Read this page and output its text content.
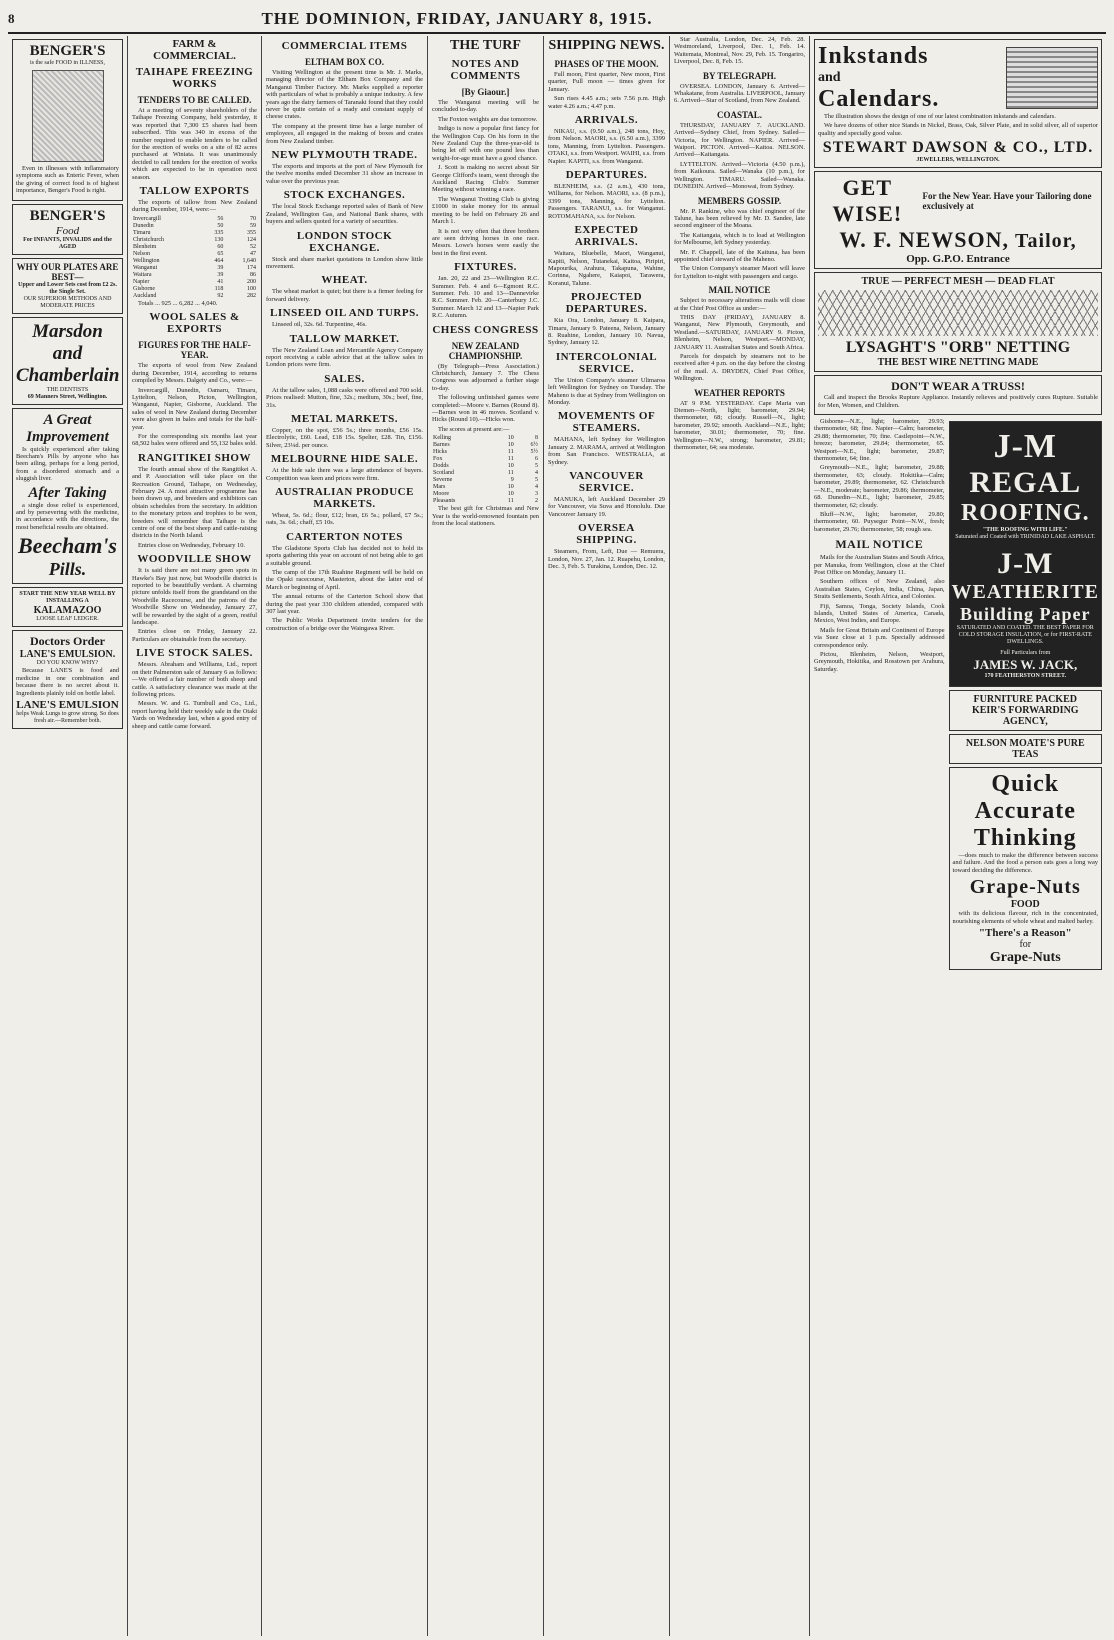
8	THE DOMINION, FRIDAY, JANUARY 8, 1915.
BENGER'S
is the safe FOOD in ILLNESS,

Even in illnesses with inflammatory symptoms such as Enteric Fever, when the giving of correct food is of highest importance, Benger's Food is right.

BENGER'S
Food
For INFANTS, INVALIDS and the AGED
WHY OUR PLATES ARE BEST—
Upper and Lower Sets cost from £2 2s. the Single Set.
OUR SUPERIOR METHODS AND MODERATE PRICES
Marsdon and
Chamberlain
THE DENTISTS
69 Manners Street, Wellington.
A Great
Improvement

Is quickly experienced after taking Beecham's Pills by anyone who has been ailing, perhaps for a long period, from a disordered stomach and a sluggish liver.

After Taking

a single dose relief is experienced, and by persevering with the medicine, in accordance with the directions, the most beneficial results are obtained.

Beecham's
Pills.
START THE NEW YEAR WELL BY INSTALLING A
KALAMAZOO
LOOSE LEAF LEDGER.
Doctors Order
LANE'S EMULSION.
DO YOU KNOW WHY?

Because LANE'S is food and medicine in one combination and because there is no secret about it. Ingredients plainly told on bottle label.

LANE'S EMULSION
helps Weak Lungs to grow strong. So does fresh air.—Remember both.
FARM & COMMERCIAL.
TAIHAPE FREEZING WORKS
TENDERS TO BE CALLED.

At a meeting of seventy shareholders of the Taihape Freezing Company, held yesterday, it was reported that 7,300 £5 shares had been subscribed. This was 340 in excess of the number required to enable tenders to be called for the erection of works on a site of 82 acres purchased at Winiata. It was unanimously decided to call tenders for the erection of works which are expected to be in operation next season.

TALLOW EXPORTS

The exports of tallow from New Zealand during December, 1914, were:—

Invercargill	56	70
Dunedin	50	59
Timaru	335	355
Christchurch	130	124
Blenheim	60	52
Nelson	65	47
Wellington	464	1,640
Wanganui	39	174
Waitara	39	86
Napier	41	200
Gisborne	118	100
Auckland	92	282

Totals ... 925 ... 6,282 ... 4,040.

WOOL SALES & EXPORTS
FIGURES FOR THE HALF-YEAR.

The exports of wool from New Zealand during December, 1914, according to returns compiled by Messrs. Dalgety and Co., were:—

Invercargill, Dunedin, Oamaru, Timaru, Lyttelton, Nelson, Picton, Wellington, Wanganui, Napier, Gisborne, Auckland. The sales of wool in New Zealand during December were also given in bales and totals for the half-year.

For the corresponding six months last year 68,502 bales were offered and 55,132 bales sold.

RANGITIKEI SHOW

The fourth annual show of the Rangitikei A. and P. Association will take place on the Recreation Ground, Taihape, on Wednesday, February 24. A most attractive programme has been drawn up, and breeders and exhibitors can obtain schedules from the secretary. In addition to the monetary prizes and trophies to be won, breeders will remember that Taihape is the centre of one of the best sheep and cattle-raising districts in the North Island.

Entries close on Wednesday, February 10.

WOODVILLE SHOW

It is said there are not many green spots in Hawke's Bay just now, but Woodville district is reported to be beautifully verdant. A charming picture unfolds itself from the grandstand on the Woodville Racecourse, and the patrons of the Woodville Show on Wednesday, January 27, will be rewarded by the sight of a green, restful landscape.

Entries close on Friday, January 22. Particulars are obtainable from the secretary.

LIVE STOCK SALES.

Messrs. Abraham and Williams, Ltd., report on their Palmerston sale of January 6 as follows:—We offered a fair number of both sheep and cattle. A satisfactory clearance was made at the following prices.

Messrs. W. and G. Turnbull and Co., Ltd., report having held their weekly sale in the Otaki Yards on Wednesday last, when a good entry of sheep and cattle came forward.

COMMERCIAL ITEMS
ELTHAM BOX CO.

Visiting Wellington at the present time is Mr. J. Marks, managing director of the Eltham Box Company and the Manganui Timber Factory. Mr. Marks supplied a reporter with particulars of what is probably a unique industry. A few years ago the dairy farmers of Taranaki found that they could never be quite certain of a ready and constant supply of cheese crates.

The company at the present time has a large number of employees, all engaged in the making of boxes and crates from New Zealand timber.

NEW PLYMOUTH TRADE.

The exports and imports at the port of New Plymouth for the twelve months ended December 31 show an increase in value over the previous year.

STOCK EXCHANGES.

The local Stock Exchange reported sales of Bank of New Zealand, Wellington Gas, and National Bank shares, with buyers and sellers quoted for a variety of securities.

LONDON STOCK EXCHANGE.

Stock and share market quotations in London show little movement.

WHEAT.

The wheat market is quiet; but there is a firmer feeling for forward delivery.

LINSEED OIL AND TURPS.

Linseed oil, 32s. 6d. Turpentine, 46s.

TALLOW MARKET.

The New Zealand Loan and Mercantile Agency Company report receiving a cable advice that at the tallow sales in London prices were firm.

SALES.

At the tallow sales, 1,088 casks were offered and 700 sold. Prices realised: Mutton, fine, 32s.; medium, 30s.; beef, fine, 31s.

METAL MARKETS.

Copper, on the spot, £56 5s.; three months, £56 15s. Electrolytic, £60. Lead, £18 15s. Spelter, £28. Tin, £156. Silver, 23¼d. per ounce.

MELBOURNE HIDE SALE.

At the hide sale there was a large attendance of buyers. Competition was keen and prices were firm.

AUSTRALIAN PRODUCE MARKETS.

Wheat, 5s. 6d.; flour, £12; bran, £6 5s.; pollard, £7 5s.; oats, 3s. 6d.; chaff, £5 10s.

CARTERTON NOTES

The Gladstone Sports Club has decided not to hold its sports gathering this year on account of not being able to get a suitable ground.

The camp of the 17th Ruahine Regiment will be held on the Opaki racecourse, Masterton, about the latter end of March or beginning of April.

The annual returns of the Carterton School show that during the past year 330 children attended, compared with 307 last year.

The Public Works Department invite tenders for the construction of a bridge over the Waingawa River.

THE TURF
NOTES AND COMMENTS
[By Giaour.]

The Wanganui meeting will be concluded to-day.

The Foxton weights are due tomorrow.

Indigo is now a popular first fancy for the Wellington Cup. On his form in the New Zealand Cup the three-year-old is being let off with one pound less than weight-for-age must have a good chance.

J. Scott is making no secret about Sir George Clifford's team, went through the Auckland Racing Club's Summer Meeting without winning a race.

The Wanganui Trotting Club is giving £1000 in stake money for its annual meeting to be held on February 26 and March 1.

It is not very often that three brothers are seen driving horses in one race. Messrs. Lowe's horses were easily the best in the first event.

FIXTURES.

Jan. 20, 22 and 23—Wellington R.C. Summer. Feb. 4 and 6—Egmont R.C. Summer. Feb. 10 and 13—Dannevirke R.C. Summer. Feb. 20—Canterbury J.C. Summer. March 12 and 13—Napier Park R.C. Autumn.

CHESS CONGRESS
NEW ZEALAND CHAMPIONSHIP.

(By Telegraph—Press Association.) Christchurch, January 7. The Chess Congress was adjourned a further stage to-day.

The following unfinished games were completed:—Moore v. Barnes (Round 8).—Barnes won in 46 moves. Scotland v. Hicks (Round 10).—Hicks won.

The scores at present are:—

Kelling	10	8
Barnes	10	6½
Hicks	11	5½
Fox	11	6
Dodds	10	5
Scotland	11	4
Severne	9	5
Mars	10	4
Moore	10	3
Pleasants	11	2

The best gift for Christmas and New Year is the world-renowned fountain pen from the local stationers.

SHIPPING NEWS.
PHASES OF THE MOON.

Full moon, First quarter, New moon, First quarter, Full moon — times given for January.

Sun rises 4.45 a.m.; sets 7.56 p.m. High water 4.26 a.m.; 4.47 p.m.

ARRIVALS.

NIKAU, s.s. (9.50 a.m.), 248 tons, Hoy, from Nelson. MAORI, s.s. (6.50 a.m.), 3399 tons, Manning, from Lyttelton. Passengers. OTAKI, s.s. from Westport. WAIHI, s.s. from Napier. KAPITI, s.s. from Wanganui.

DEPARTURES.

BLENHEIM, s.s. (2 a.m.), 430 tons, Williams, for Nelson. MAORI, s.s. (8 p.m.), 3399 tons, Manning, for Lyttelton. Passengers. TARANUI, s.s. for Wanganui. ROTOMAHANA, s.s. for Nelson.

EXPECTED ARRIVALS.

Waitara, Bluebelle, Maori, Wanganui, Kapiti, Nelson, Tutanekai, Kaitoa, Piripiri, Mapourika, Arahura, Takapuna, Wahine, Corinna, Ngahere, Kaiapoi, Tarawera, Koranui, Talune.

PROJECTED DEPARTURES.

Kia Ora, London, January 8. Kaipara, Timaru, January 9. Pateena, Nelson, January 8. Ruahine, London, January 10. Navua, Sydney, January 12.

INTERCOLONIAL SERVICE.

The Union Company's steamer Ulimaroa left Wellington for Sydney on Tuesday. The Maheno is due at Sydney from Wellington on Monday.

MOVEMENTS OF STEAMERS.

MAHANA, left Sydney for Wellington January 2. MARAMA, arrived at Wellington from San Francisco. WESTRALIA, at Sydney.

VANCOUVER SERVICE.

MANUKA, left Auckland December 29 for Vancouver, via Suva and Honolulu. Due Vancouver January 19.

OVERSEA SHIPPING.

Steamers, From, Left, Due — Remuera, London, Nov. 27, Jan. 12. Ruapehu, London, Dec. 3, Feb. 5. Turakina, London, Dec. 12.

Star Australia, London, Dec. 24, Feb. 28. Westmoreland, Liverpool, Dec. 1, Feb. 14. Waitemata, Montreal, Nov. 29, Feb. 15. Tongariro, Liverpool, Dec. 8, Feb. 15.

BY TELEGRAPH.

OVERSEA. LONDON, January 6. Arrived—Whakatane, from Australia. LIVERPOOL, January 6. Arrived—Star of Scotland, from New Zealand.

COASTAL.

THURSDAY, JANUARY 7. AUCKLAND. Arrived—Sydney Chief, from Sydney. Sailed—Victoria, for Wellington. NAPIER. Arrived—Waipori. PICTON. Arrived—Kaitoa. NELSON. Arrived—Kaitangata.

LYTTELTON. Arrived—Victoria (4.50 p.m.), from Kaikoura. Sailed—Wanaka (10 p.m.), for Wellington. TIMARU. Sailed—Wanaka. DUNEDIN. Arrived—Monowai, from Sydney.

MEMBERS GOSSIP.

Mr. P. Rankine, who was chief engineer of the Talune, has been relieved by Mr. D. Sandee, late second engineer of the Moana.

The Kaitangata, which is to load at Wellington for Melbourne, left Sydney yesterday.

Mr. F. Chappell, late of the Kaituna, has been appointed chief steward of the Maheno.

The Union Company's steamer Maori will leave for Lyttelton to-night with passengers and cargo.

MAIL NOTICE

Subject to necessary alterations mails will close at the Chief Post Office as under:—

THIS DAY (FRIDAY), JANUARY 8. Wanganui, New Plymouth, Greymouth, and Westland.—SATURDAY, JANUARY 9. Picton, Blenheim, Nelson, Westport.—MONDAY, JANUARY 11. Australian States and South Africa.

Parcels for despatch by steamers not to be received after 4 p.m. on the day before the closing of the mail. A. DRYDEN, Chief Post Office, Wellington.

WEATHER REPORTS

AT 9 P.M. YESTERDAY. Cape Maria van Diemen—North, light; barometer, 29.94; thermometer, 68; cloudy. Russell—N., light; barometer, 29.92; smooth. Auckland—N.E., light; barometer, 30.01; thermometer, 70; fine. Wellington—N.W., strong; barometer, 29.81; thermometer, 64; sea moderate.

Inkstands
and
Calendars.

The illustration shows the design of one of our latest combination inkstands and calendars.

We have dozens of other nice Stands in Nickel, Brass, Oak, Silver Plate, and in solid silver, all of superior quality and specially good value.

STEWART DAWSON & CO., LTD.
JEWELLERS, WELLINGTON.
GET WISE!
For the New Year. Have your Tailoring done exclusively at
W. F. NEWSON, Tailor,
Opp. G.P.O. Entrance
TRUE — PERFECT MESH — DEAD FLAT
LYSAGHT'S "ORB" NETTING
THE BEST WIRE NETTING MADE
DON'T WEAR A TRUSS!

Call and inspect the Brooks Rupture Appliance. Instantly relieves and positively cures Rupture. Suitable for Men, Women, and Children.

Gisborne—N.E., light; barometer, 29.93; thermometer, 68; fine. Napier—Calm; barometer, 29.88; thermometer, 70; fine. Castlepoint—N.W., breeze; barometer, 29.84; thermometer, 65. Westport—N.E., light; barometer, 29.87; thermometer, 64; fine.

Greymouth—N.E., light; barometer, 29.88; thermometer, 63; cloudy. Hokitika—Calm; barometer, 29.89; thermometer, 62. Christchurch—N.E., moderate; barometer, 29.86; thermometer, 68. Dunedin—N.E., light; barometer, 29.85; thermometer, 62; cloudy.

Bluff—N.W., light; barometer, 29.80; thermometer, 60. Puysegur Point—N.W., fresh; barometer, 29.76; thermometer, 58; rough sea.

MAIL NOTICE

Mails for the Australian States and South Africa, per Manuka, from Wellington, close at the Chief Post Office on Monday, January 11.

Southern offices of New Zealand, also Australian States, Ceylon, India, China, Japan, Straits Settlements, South Africa, and Colonies.

Fiji, Samoa, Tonga, Society Islands, Cook Islands, United States of America, Canada, Mexico, West Indies, and Europe.

Mails for Great Britain and Continent of Europe via Suez close at 1 p.m. Specially addressed correspondence only.

Pictou, Blenheim, Nelson, Westport, Greymouth, Hokitika, and Rosstown per Arahura, Saturday.

J-M
REGAL
ROOFING.
"THE ROOFING WITH LIFE."
Saturated and Coated with TRINIDAD LAKE ASPHALT.
J-M
WEATHERITE
Building Paper
SATURATED AND COATED. THE BEST PAPER FOR COLD STORAGE INSULATION, or for FIRST-RATE DWELLINGS.
Full Particulars from
JAMES W. JACK,
170 FEATHERSTON STREET.
FURNITURE PACKED
KEIR'S FORWARDING AGENCY,
NELSON MOATE'S PURE TEAS
Quick
Accurate
Thinking

—does much to make the difference between success and failure. And the food a person eats goes a long way toward deciding the difference.

Grape-Nuts
FOOD

with its delicious flavour, rich in the concentrated, nourishing elements of whole wheat and malted barley.

"There's a Reason"
for
Grape-Nuts
